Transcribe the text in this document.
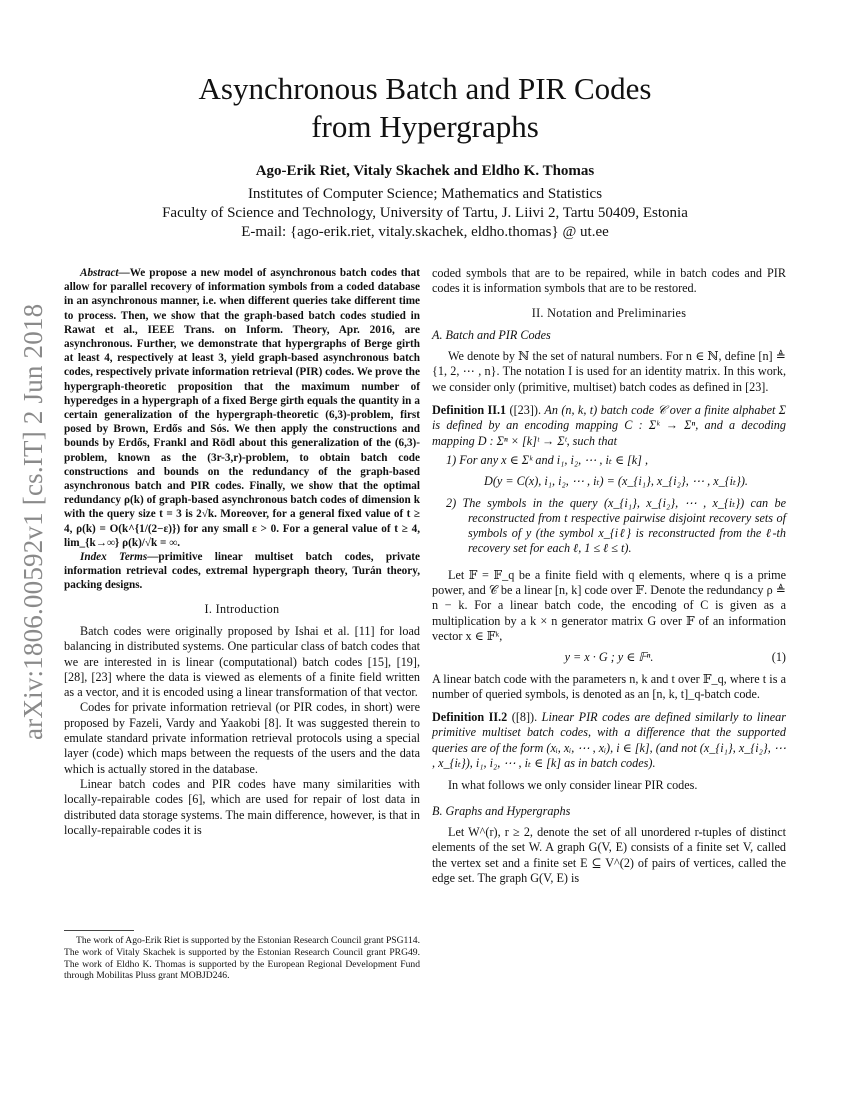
arXiv:1806.00592v1 [cs.IT] 2 Jun 2018
Asynchronous Batch and PIR Codes
from Hypergraphs
Ago-Erik Riet, Vitaly Skachek and Eldho K. Thomas
Institutes of Computer Science; Mathematics and Statistics
Faculty of Science and Technology, University of Tartu, J. Liivi 2, Tartu 50409, Estonia
E-mail: {ago-erik.riet, vitaly.skachek, eldho.thomas} @ ut.ee

Abstract—We propose a new model of asynchronous batch codes that allow for parallel recovery of information symbols from a coded database in an asynchronous manner, i.e. when different queries take different time to process. Then, we show that the graph-based batch codes studied in Rawat et al., IEEE Trans. on Inform. Theory, Apr. 2016, are asynchronous. Further, we demonstrate that hypergraphs of Berge girth at least 4, respectively at least 3, yield graph-based asynchronous batch codes, respectively private information retrieval (PIR) codes. We prove the hypergraph-theoretic proposition that the maximum number of hyperedges in a hypergraph of a fixed Berge girth equals the quantity in a certain generalization of the hypergraph-theoretic (6,3)-problem, first posed by Brown, Erdős and Sós. We then apply the constructions and bounds by Erdős, Frankl and Rödl about this generalization of the (6,3)-problem, known as the (3r-3,r)-problem, to obtain batch code constructions and bounds on the redundancy of the graph-based asynchronous batch and PIR codes. Finally, we show that the optimal redundancy ρ(k) of graph-based asynchronous batch codes of dimension k with the query size t = 3 is 2√k. Moreover, for a general fixed value of t ≥ 4, ρ(k) = O(k^{1/(2−ε)}) for any small ε > 0. For a general value of t ≥ 4, lim_{k→∞} ρ(k)/√k = ∞.

Index Terms—primitive linear multiset batch codes, private information retrieval codes, extremal hypergraph theory, Turán theory, packing designs.

I. Introduction

Batch codes were originally proposed by Ishai et al. [11] for load balancing in distributed systems. One particular class of batch codes that we are interested in is linear (computational) batch codes [15], [19], [28], [23] where the data is viewed as elements of a finite field written as a vector, and it is encoded using a linear transformation of that vector.

Codes for private information retrieval (or PIR codes, in short) were proposed by Fazeli, Vardy and Yaakobi [8]. It was suggested therein to emulate standard private information retrieval protocols using a special layer (code) which maps between the requests of the users and the data which is actually stored in the database.

Linear batch codes and PIR codes have many similarities with locally-repairable codes [6], which are used for repair of lost data in distributed data storage systems. The main difference, however, is that in locally-repairable codes it is

The work of Ago-Erik Riet is supported by the Estonian Research Council grant PSG114. The work of Vitaly Skachek is supported by the Estonian Research Council grant PRG49. The work of Eldho K. Thomas is supported by the European Regional Development Fund through Mobilitas Pluss grant MOBJD246.

coded symbols that are to be repaired, while in batch codes and PIR codes it is information symbols that are to be restored.

II. Notation and Preliminaries
A. Batch and PIR Codes

We denote by ℕ the set of natural numbers. For n ∈ ℕ, define [n] ≜ {1, 2, ⋯ , n}. The notation I is used for an identity matrix. In this work, we consider only (primitive, multiset) batch codes as defined in [23].

Definition II.1 ([23]). An (n, k, t) batch code 𝒞 over a finite alphabet Σ is defined by an encoding mapping C : Σᵏ → Σⁿ, and a decoding mapping D : Σⁿ × [k]ᵗ → Σᵗ, such that

1) For any x ∈ Σᵏ and i₁, i₂, ⋯ , iₜ ∈ [k] ,
D(y = C(x), i₁, i₂, ⋯ , iₜ) = (x_{i₁}, x_{i₂}, ⋯ , x_{iₜ}).
2) The symbols in the query (x_{i₁}, x_{i₂}, ⋯ , x_{iₜ}) can be reconstructed from t respective pairwise disjoint recovery sets of symbols of y (the symbol x_{iℓ} is reconstructed from the ℓ-th recovery set for each ℓ, 1 ≤ ℓ ≤ t).

Let 𝔽 = 𝔽_q be a finite field with q elements, where q is a prime power, and 𝒞 be a linear [n, k] code over 𝔽. Denote the redundancy ρ ≜ n − k. For a linear batch code, the encoding of C is given as a multiplication by a k × n generator matrix G over 𝔽 of an information vector x ∈ 𝔽ᵏ,

y = x · G ; y ∈ 𝔽ⁿ.	(1)

A linear batch code with the parameters n, k and t over 𝔽_q, where t is a number of queried symbols, is denoted as an [n, k, t]_q-batch code.

Definition II.2 ([8]). Linear PIR codes are defined similarly to linear primitive multiset batch codes, with a difference that the supported queries are of the form (xᵢ, xᵢ, ⋯ , xᵢ), i ∈ [k], (and not (x_{i₁}, x_{i₂}, ⋯ , x_{iₜ}), i₁, i₂, ⋯ , iₜ ∈ [k] as in batch codes).

In what follows we only consider linear PIR codes.

B. Graphs and Hypergraphs

Let W^(r), r ≥ 2, denote the set of all unordered r-tuples of distinct elements of the set W. A graph G(V, E) consists of a finite set V, called the vertex set and a finite set E ⊆ V^(2) of pairs of vertices, called the edge set. The graph G(V, E) is
